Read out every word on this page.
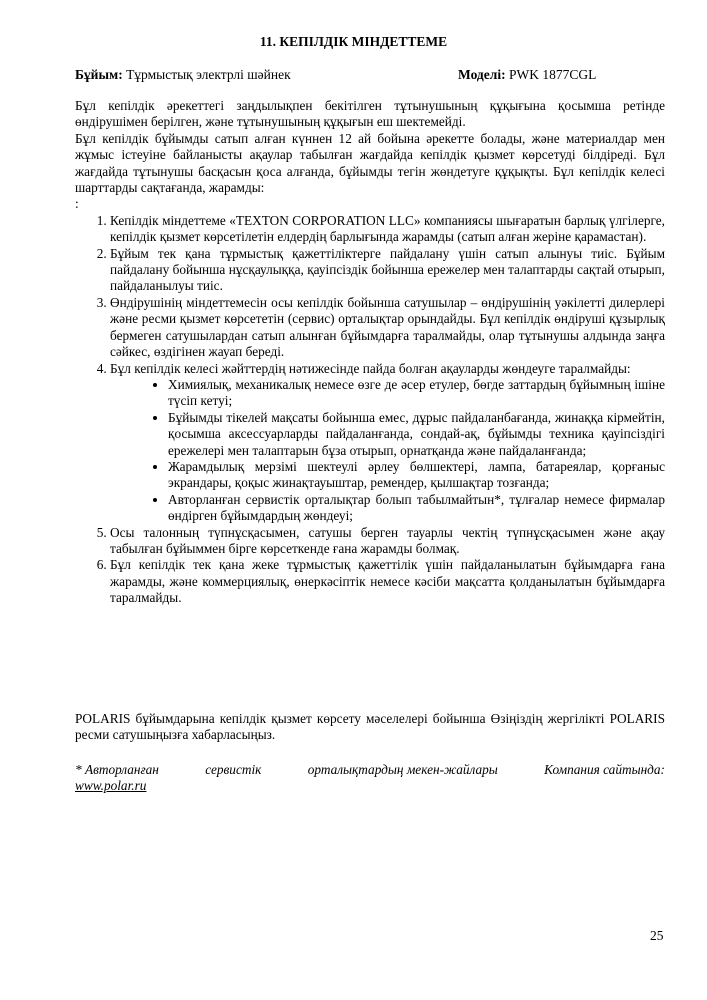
11. КЕПІЛДІК МІНДЕТТЕМЕ
Бұйым: Тұрмыстық электрлі шәйнек	Моделі: PWK 1877CGL

Бұл кепілдік әрекеттегі заңдылықпен бекітілген тұтынушының құқығына қосымша ретінде өндірушімен берілген, және тұтынушының құқығын еш шектемейді.

Бұл кепілдік бұйымды сатып алған күннен 12 ай бойына әрекетте болады, және материалдар мен жұмыс істеуіне байланысты ақаулар табылған жағдайда кепілдік қызмет көрсетуді білдіреді. Бұл жағдайда тұтынушы басқасын қоса алғанда, бұйымды тегін жөндетуге құқықты. Бұл кепілдік келесі шарттарды сақтағанда, жарамды:

:

1. Кепілдік міндеттеме «TEXTON CORPORATION LLC» компаниясы шығаратын барлық үлгілерге, кепілдік қызмет көрсетілетін елдердің барлығында жарамды (сатып алған жеріне қарамастан).
2. Бұйым тек қана тұрмыстық қажеттіліктерге пайдалану үшін сатып алынуы тиіс. Бұйым пайдалану бойынша нұсқаулыққа, қауіпсіздік бойынша ережелер мен талаптарды сақтай отырып, пайдаланылуы тиіс.
3. Өндірушінің міндеттемесін осы кепілдік бойынша сатушылар – өндірушінің уәкілетті дилерлері және ресми қызмет көрсететін (сервис) орталықтар орындайды. Бұл кепілдік өндіруші құзырлық бермеген сатушылардан сатып алынған бұйымдарға таралмайды, олар тұтынушы алдында заңға сәйкес, өздігінен жауап береді.
4. Бұл кепілдік келесі жәйттердің нәтижесінде пайда болған ақауларды жөндеуге таралмайды:
• Химиялық, механикалық немесе өзге де әсер етулер, бөгде заттардың бұйымның ішіне түсіп кетуі;
• Бұйымды тікелей мақсаты бойынша емес, дұрыс пайдаланбағанда, жинаққа кірмейтін, қосымша аксессуарларды пайдаланғанда, сондай-ақ, бұйымды техника қауіпсіздігі ережелері мен талаптарын бұза отырып, орнатқанда және пайдаланғанда;
• Жарамдылық мерзімі шектеулі әрлеу бөлшектері, лампа, батареялар, қорғаныс экрандары, қоқыс жинақтауыштар, ремендер, қылшақтар тозғанда;
• Авторланған сервистік орталықтар болып табылмайтын*, тұлғалар немесе фирмалар өндірген бұйымдардың жөндеуі;
5. Осы талонның түпнұсқасымен, сатушы берген тауарлы чектің түпнұсқасымен және ақау табылған бұйыммен бірге көрсеткенде ғана жарамды болмақ.
6. Бұл кепілдік тек қана жеке тұрмыстық қажеттілік үшін пайдаланылатын бұйымдарға ғана жарамды, және коммерциялық, өнеркәсіптік немесе кәсіби мақсатта қолданылатын бұйымдарға таралмайды.
POLARIS бұйымдарына кепілдік қызмет көрсету мәселелері бойынша Өзіңіздің жергілікті POLARIS ресми сатушыңызға хабарласыңыз.
* Авторланған	сервистік	орталықтардың мекен-жайлары	Компания сайтында:
www.polar.ru
25
